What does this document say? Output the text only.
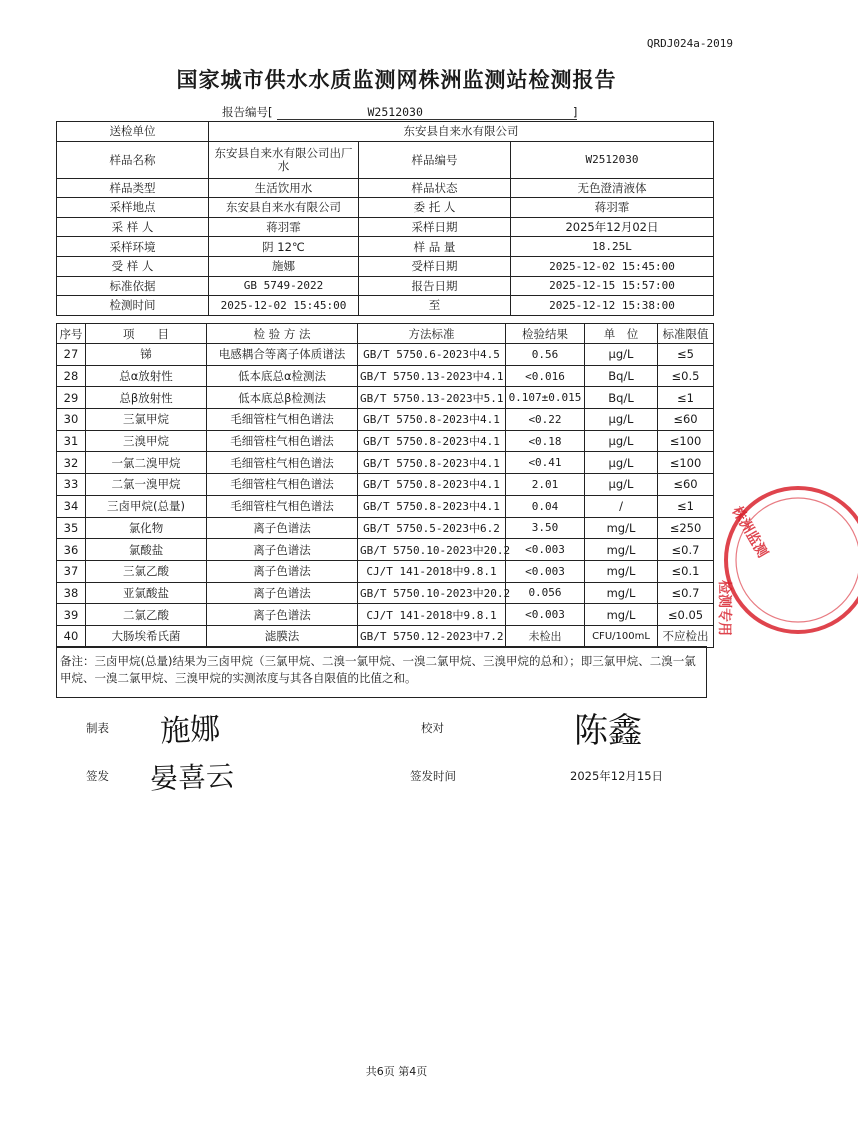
QRDJ024a-2019
国家城市供水水质监测网株洲监测站检测报告
报告编号[	W2512030	]
送检单位	东安县自来水有限公司		
样品名称	东安县自来水有限公司出厂水	样品编号	W2512030
样品类型	生活饮用水	样品状态	无色澄清液体
采样地点	东安县自来水有限公司	委 托 人	蒋羽霏
采 样 人	蒋羽霏	采样日期	2025年12月02日
采样环境	阴 12℃	样 品 量	18.25L
受 样 人	施娜	受样日期	2025-12-02 15:45:00
标准依据	GB 5749-2022	报告日期	2025-12-15 15:57:00
检测时间	2025-12-02 15:45:00	至	2025-12-12 15:38:00
序号	项　　目	检 验 方 法	方法标准	检验结果	单　位	标准限值
27	锑	电感耦合等离子体质谱法	GB/T 5750.6-2023中4.5	0.56	μg/L	≤5
28	总α放射性	低本底总α检测法	GB/T 5750.13-2023中4.1	<0.016	Bq/L	≤0.5
29	总β放射性	低本底总β检测法	GB/T 5750.13-2023中5.1	0.107±0.015	Bq/L	≤1
30	三氯甲烷	毛细管柱气相色谱法	GB/T 5750.8-2023中4.1	<0.22	μg/L	≤60
31	三溴甲烷	毛细管柱气相色谱法	GB/T 5750.8-2023中4.1	<0.18	μg/L	≤100
32	一氯二溴甲烷	毛细管柱气相色谱法	GB/T 5750.8-2023中4.1	<0.41	μg/L	≤100
33	二氯一溴甲烷	毛细管柱气相色谱法	GB/T 5750.8-2023中4.1	2.01	μg/L	≤60
34	三卤甲烷(总量)	毛细管柱气相色谱法	GB/T 5750.8-2023中4.1	0.04	/	≤1
35	氯化物	离子色谱法	GB/T 5750.5-2023中6.2	3.50	mg/L	≤250
36	氯酸盐	离子色谱法	GB/T 5750.10-2023中20.2	<0.003	mg/L	≤0.7
37	三氯乙酸	离子色谱法	CJ/T 141-2018中9.8.1	<0.003	mg/L	≤0.1
38	亚氯酸盐	离子色谱法	GB/T 5750.10-2023中20.2	0.056	mg/L	≤0.7
39	二氯乙酸	离子色谱法	CJ/T 141-2018中9.8.1	<0.003	mg/L	≤0.05
40	大肠埃希氏菌	滤膜法	GB/T 5750.12-2023中7.2	未检出	CFU/100mL	不应检出
备注：三卤甲烷(总量)结果为三卤甲烷（三氯甲烷、二溴一氯甲烷、一溴二氯甲烷、三溴甲烷的总和）；即三氯甲烷、二溴一氯甲烷、一溴二氯甲烷、三溴甲烷的实测浓度与其各自限值的比值之和。
制表 施娜	校对	陈鑫
签发 晏喜云	签发时间	2025年12月15日
株洲监测
检测专用
共6页 第4页
